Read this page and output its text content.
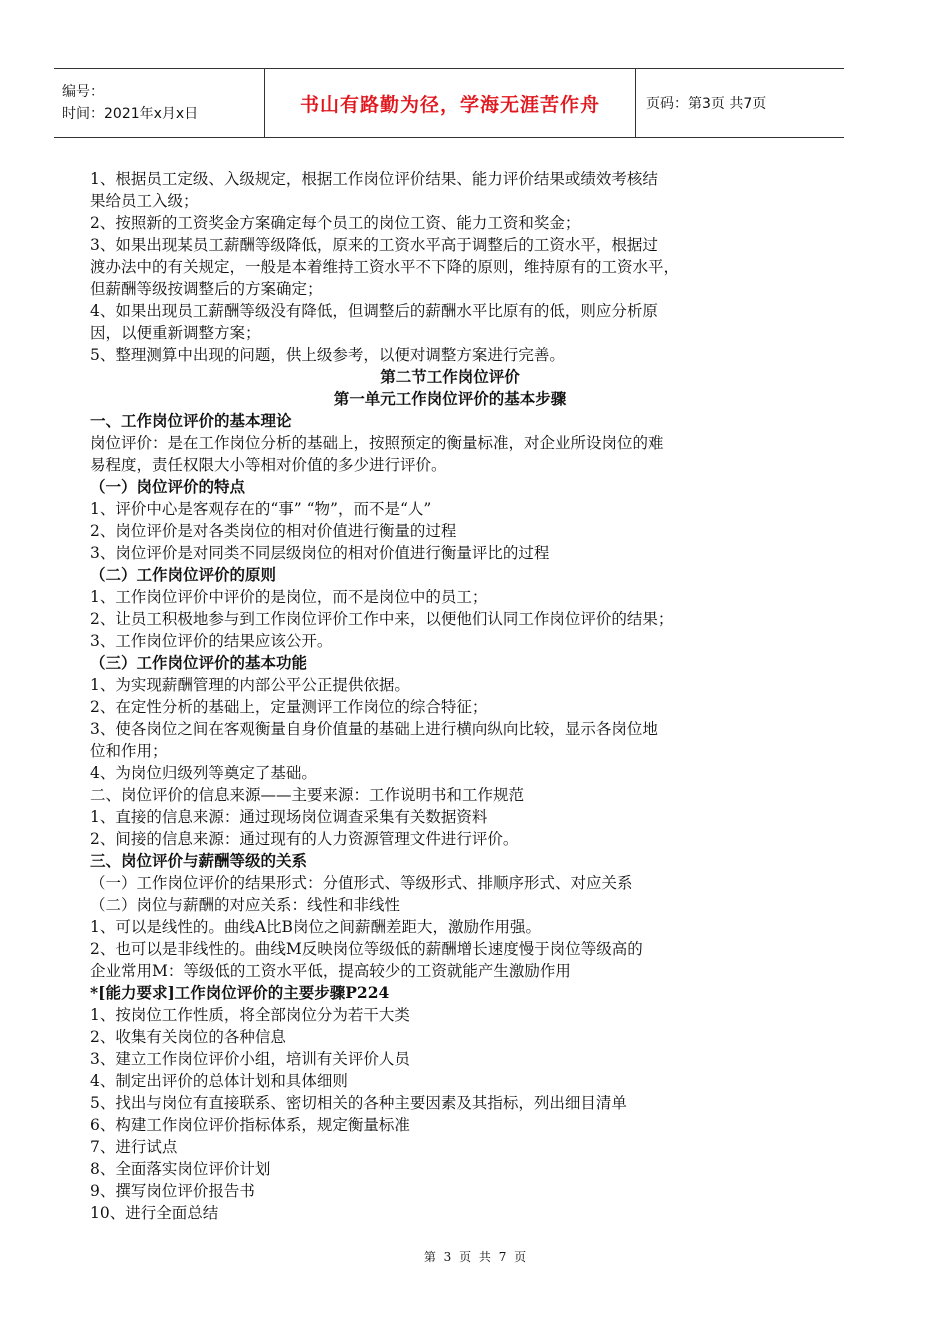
编号：
时间：2021年x月x日	书山有路勤为径，学海无涯苦作舟	页码：第3页 共7页
1、根据员工定级、入级规定，根据工作岗位评价结果、能力评价结果或绩效考核结
果给员工入级；
2、按照新的工资奖金方案确定每个员工的岗位工资、能力工资和奖金；
3、如果出现某员工薪酬等级降低，原来的工资水平高于调整后的工资水平，根据过
渡办法中的有关规定，一般是本着维持工资水平不下降的原则，维持原有的工资水平，
但薪酬等级按调整后的方案确定；
4、如果出现员工薪酬等级没有降低，但调整后的薪酬水平比原有的低，则应分析原
因，以便重新调整方案；
5、整理测算中出现的问题，供上级参考，以便对调整方案进行完善。
第二节工作岗位评价
第一单元工作岗位评价的基本步骤
一、工作岗位评价的基本理论
岗位评价：是在工作岗位分析的基础上，按照预定的衡量标准，对企业所设岗位的难
易程度，责任权限大小等相对价值的多少进行评价。
（一）岗位评价的特点
1、评价中心是客观存在的“事” “物”，而不是“人”
2、岗位评价是对各类岗位的相对价值进行衡量的过程
3、岗位评价是对同类不同层级岗位的相对价值进行衡量评比的过程
（二）工作岗位评价的原则
1、工作岗位评价中评价的是岗位，而不是岗位中的员工；
2、让员工积极地参与到工作岗位评价工作中来，以便他们认同工作岗位评价的结果；
3、工作岗位评价的结果应该公开。
（三）工作岗位评价的基本功能
1、为实现薪酬管理的内部公平公正提供依据。
2、在定性分析的基础上，定量测评工作岗位的综合特征；
3、使各岗位之间在客观衡量自身价值量的基础上进行横向纵向比较，显示各岗位地
位和作用；
4、为岗位归级列等奠定了基础。
二、岗位评价的信息来源——主要来源：工作说明书和工作规范
1、直接的信息来源：通过现场岗位调查采集有关数据资料
2、间接的信息来源：通过现有的人力资源管理文件进行评价。
三、岗位评价与薪酬等级的关系
（一）工作岗位评价的结果形式：分值形式、等级形式、排顺序形式、对应关系
（二）岗位与薪酬的对应关系：线性和非线性
1、可以是线性的。曲线A比B岗位之间薪酬差距大，激励作用强。
2、也可以是非线性的。曲线M反映岗位等级低的薪酬增长速度慢于岗位等级高的
企业常用M：等级低的工资水平低，提高较少的工资就能产生激励作用
*[能力要求]工作岗位评价的主要步骤P224
1、按岗位工作性质，将全部岗位分为若干大类
2、收集有关岗位的各种信息
3、建立工作岗位评价小组，培训有关评价人员
4、制定出评价的总体计划和具体细则
5、找出与岗位有直接联系、密切相关的各种主要因素及其指标，列出细目清单
6、构建工作岗位评价指标体系，规定衡量标准
7、进行试点
8、全面落实岗位评价计划
9、撰写岗位评价报告书
10、进行全面总结
第 3 页 共 7 页
